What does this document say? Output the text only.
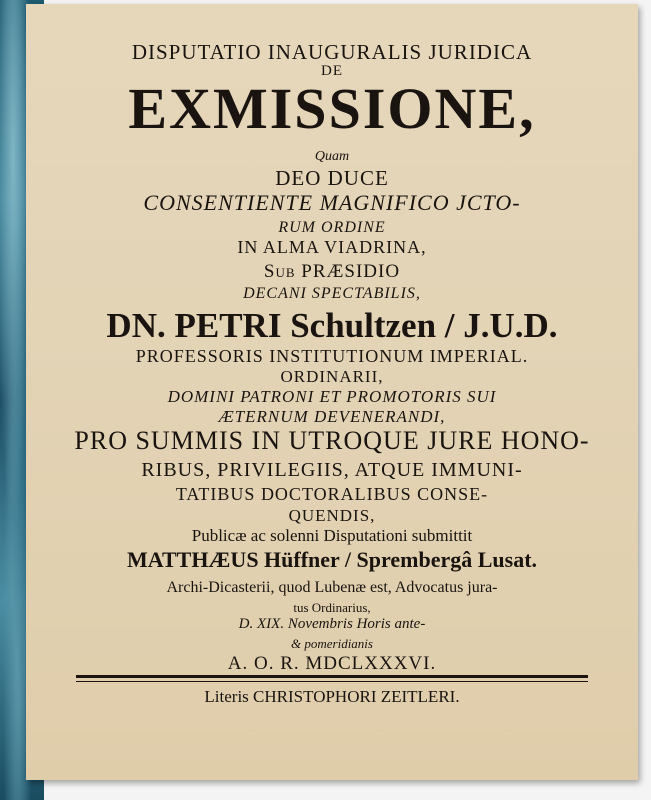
DISPUTATIO INAUGURALIS JURIDICA
DE
EXMISSIONE,
Quam
DEO DUCE
CONSENTIENTE MAGNIFICO JCTO-
RUM ORDINE
IN ALMA VIADRINA,
Sub PRÆSIDIO
DECANI SPECTABILIS,
DN. PETRI Schultzen / J.U.D.
PROFESSORIS INSTITUTIONUM IMPERIAL.
ORDINARII,
DOMINI PATRONI ET PROMOTORIS SUI
ÆTERNUM DEVENERANDI,
PRO SUMMIS IN UTROQUE JURE HONO-
RIBUS, PRIVILEGIIS, ATQUE IMMUNI-
TATIBUS DOCTORALIBUS CONSE-
QUENDIS,
Publicæ ac solenni Disputationi submittit
MATTHÆUS Hüffner / Sprembergâ Lusat.
Archi-Dicasterii, quod Lubenæ est, Advocatus jura-
tus Ordinarius,
D. XIX. Novembris Horis ante-
& pomeridianis
A. O. R. MDCLXXXVI.
Literis CHRISTOPHORI ZEITLERI.
